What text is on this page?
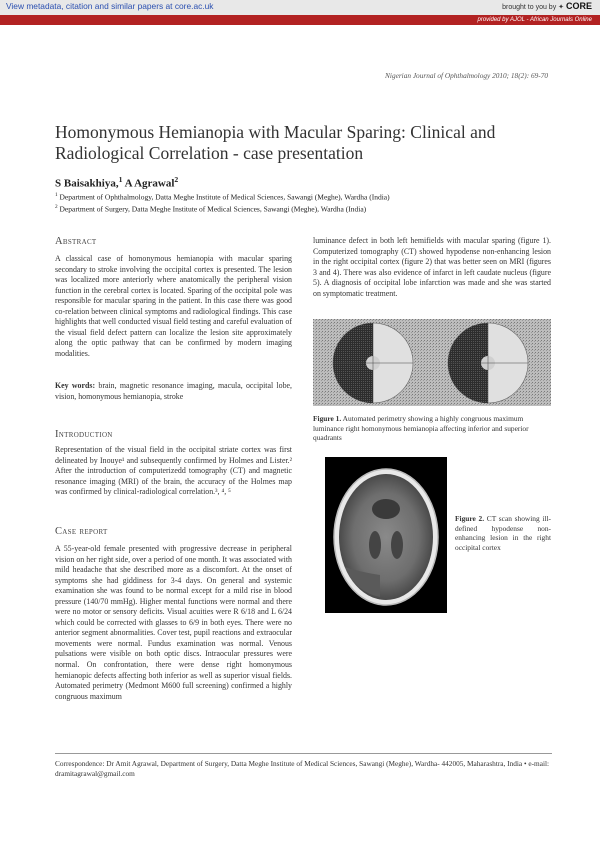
View metadata, citation and similar papers at core.ac.uk	brought to you by ✦ CORE
provided by AJOL - African Journals Online
Nigerian Journal of Ophthalmology 2010; 18(2): 69-70
Homonymous Hemianopia with Macular Sparing: Clinical and Radiological Correlation - case presentation
S Baisakhiya,$^1$ A Agrawal$^2$
$^1$ Department of Ophthalmology, Datta Meghe Institute of Medical Sciences, Sawangi (Meghe), Wardha (India)
$^2$ Department of Surgery, Datta Meghe Institute of Medical Sciences, Sawangi (Meghe), Wardha (India)
Abstract
A classical case of homonymous hemianopia with macular sparing secondary to stroke involving the occipital cortex is presented. The lesion was localized more anteriorly where anatomically the peripheral vision function in the cerebral cortex is located. Sparing of the occipital pole was responsible for macular sparing in the patient. In this case there was good co-relation between clinical symptoms and radiological findings. This case highlights that well conducted visual field testing and careful evaluation of the visual field defect pattern can localize the lesion site approximately along the optic pathway that can be confirmed by modern imaging modalities.
Key words: brain, magnetic resonance imaging, macula, occipital lobe, vision, homonymous hemianopia, stroke
Introduction
Representation of the visual field in the occipital striate cortex was first delineated by Inouye¹ and subsequently confirmed by Holmes and Lister.² After the introduction of computerizedd tomography (CT) and magnetic resonance imaging (MRI) of the brain, the accuracy of the Holmes map was confirmed by clinical-radiological correlation.³, ⁴, ⁵
Case report
A 55-year-old female presented with progressive decrease in peripheral vision on her right side, over a period of one month. It was associated with mild headache that she described more as a discomfort. At the onset of symptoms she had giddiness for 3-4 days. On general and systemic examination she was found to be normal except for a mild rise in blood pressure (140/70 mmHg). Higher mental functions were normal and there were no motor or sensory deficits. Visual acuities were R 6/18 and L 6/24 which could be corrected with glasses to 6/9 in both eyes. There were no anterior segment abnormalities. Cover test, pupil reactions and extraocular movements were normal. Fundus examination was normal. Venous pulsations were visible on both optic discs. Intraocular pressures were normal. On confrontation, there were dense right homonymous hemianopic defects affecting both inferior as well as superior visual fields. Automated perimetry (Medmont M600 full screening) confirmed a highly congruous maximum
luminance defect in both left hemifields with macular sparing (figure 1). Computerized tomography (CT) showed hypodense non-enhancing lesion in the right occipital cortex (figure 2) that was better seen on MRI (figures 3 and 4). There was also evidence of infarct in left caudate nucleus (figure 5). A diagnosis of occipital lobe infarction was made and she was started on symptomatic treatment.
Figure 1. Automated perimetry showing a highly congruous maximum luminance right homonymous hemianopia affecting inferior and superior quadrants
Figure 2. CT scan showing ill-defined hypodense non-enhancing lesion in the right occipital cortex
Correspondence: Dr Amit Agrawal, Department of Surgery, Datta Meghe Institute of Medical Sciences, Sawangi (Meghe), Wardha- 442005, Maharashtra, India • e-mail: dramitagrawal@gmail.com
